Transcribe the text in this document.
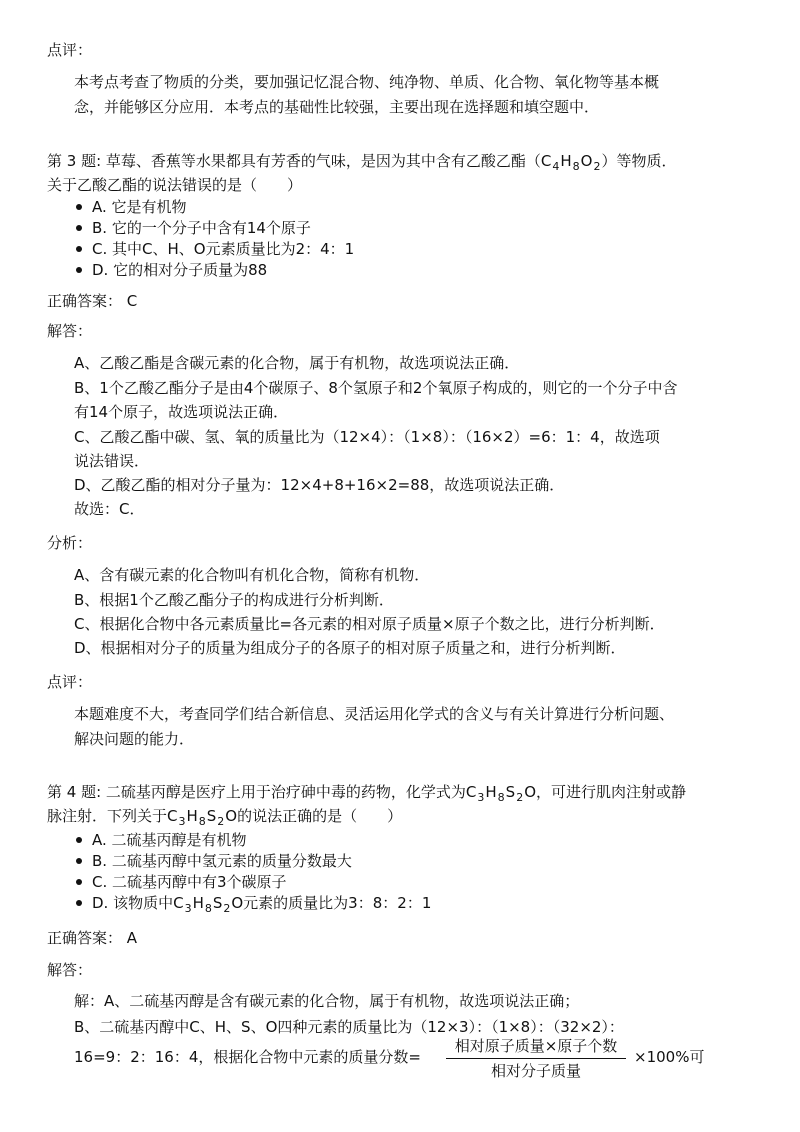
点评：
本考点考查了物质的分类，要加强记忆混合物、纯净物、单质、化合物、氧化物等基本概
念，并能够区分应用．本考点的基础性比较强，主要出现在选择题和填空题中．
第 3 题: 草莓、香蕉等水果都具有芳香的气味，是因为其中含有乙酸乙酯$(C_4H_8O_2)$等物质．
关于乙酸乙酯的说法错误的是（　　）
A. 它是有机物
B. 它的一个分子中含有14个原子
C. 其中C、H、O元素质量比为2：4：1
D. 它的相对分子质量为88
正确答案： C
解答：
A、乙酸乙酯是含碳元素的化合物，属于有机物，故选项说法正确．
B、1个乙酸乙酯分子是由4个碳原子、8个氢原子和2个氧原子构成的，则它的一个分子中含
有14个原子，故选项说法正确．
C、乙酸乙酯中碳、氢、氧的质量比为（12×4）：（1×8）：（16×2）=6：1：4，故选项
说法错误．
D、乙酸乙酯的相对分子量为：12×4+8+16×2=88，故选项说法正确．
故选：C．
分析：
A、含有碳元素的化合物叫有机化合物，简称有机物．
B、根据1个乙酸乙酯分子的构成进行分析判断．
C、根据化合物中各元素质量比=各元素的相对原子质量×原子个数之比，进行分析判断．
D、根据相对分子的质量为组成分子的各原子的相对原子质量之和，进行分析判断．
点评：
本题难度不大，考查同学们结合新信息、灵活运用化学式的含义与有关计算进行分析问题、
解决问题的能力．
第 4 题: 二硫基丙醇是医疗上用于治疗砷中毒的药物，化学式为$C_3H_8S_2O$，可进行肌肉注射或静
脉注射．下列关于$C_3H_8S_2O$的说法正确的是（　　）
A. 二硫基丙醇是有机物
B. 二硫基丙醇中氢元素的质量分数最大
C. 二硫基丙醇中有3个碳原子
D. 该物质中$C_3H_8S_2O$元素的质量比为3：8：2：1
正确答案： A
解答：
解：A、二硫基丙醇是含有碳元素的化合物，属于有机物，故选项说法正确；
B、二硫基丙醇中C、H、S、O四种元素的质量比为（12×3）：（1×8）：（32×2）：
16=9：2：16：4，根据化合物中元素的质量分数=
相对原子质量×原子个数
相对分子质量
×100%可
